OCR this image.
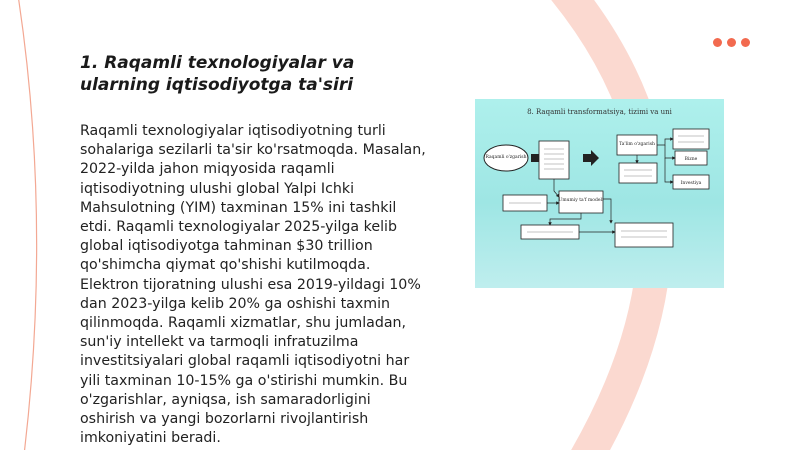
1. Raqamli texnologiyalar va ularning iqtisodiyotga ta'siri

Raqamli texnologiyalar iqtisodiyotning turli sohalariga sezilarli ta'sir ko'rsatmoqda. Masalan, 2022-yilda jahon miqyosida raqamli iqtisodiyotning ulushi global Yalpi Ichki Mahsulotning (YIM) taxminan 15% ini tashkil etdi. Raqamli texnologiyalar 2025-yilga kelib global iqtisodiyotga tahminan $30 trillion qo'shimcha qiymat qo'shishi kutilmoqda. Elektron tijoratning ulushi esa 2019-yildagi 10% dan 2023-yilga kelib 20% ga oshishi taxmin qilinmoqda. Raqamli xizmatlar, shu jumladan, sun'iy intellekt va tarmoqli infratuzilma investitsiyalari global raqamli iqtisodiyotni har yili taxminan 10-15% ga o'stirishi mumkin. Bu o'zgarishlar, ayniqsa, ish samaradorligini oshirish va yangi bozorlarni rivojlantirish imkoniyatini beradi.

8. Raqamli transformatsiya, tizimi va uni
Raqamli o'zgarish
Umumiy ta'f modeli
Ta'lim o'zgarish
Bizne
Investiya
